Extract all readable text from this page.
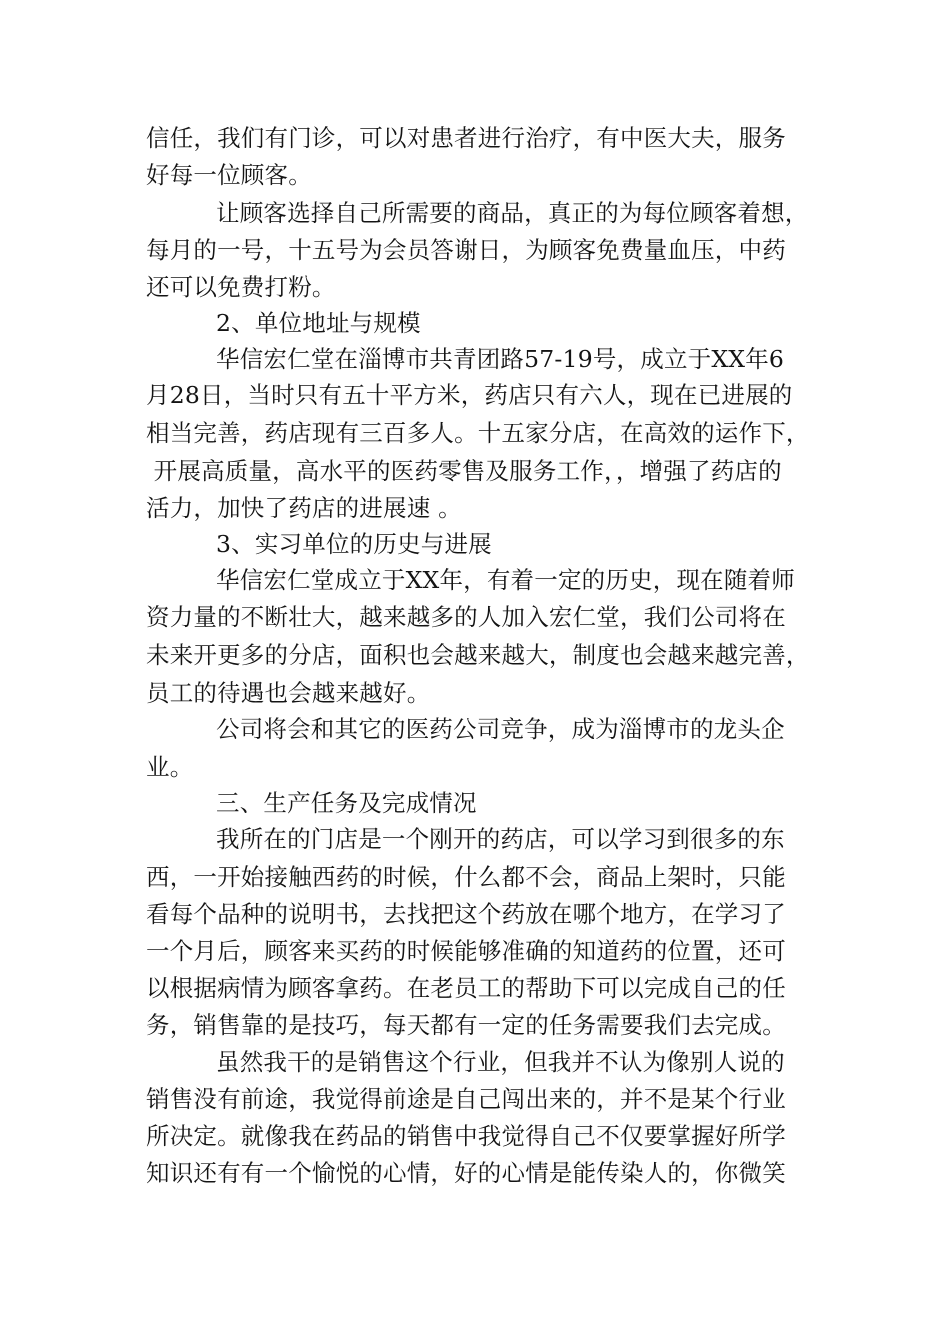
信任，我们有门诊，可以对患者进行治疗，有中医大夫，服务
好每一位顾客。
让顾客选择自己所需要的商品，真正的为每位顾客着想，
每月的一号，十五号为会员答谢日，为顾客免费量血压，中药
还可以免费打粉。
2、单位地址与规模
华信宏仁堂在淄博市共青团路57-19号，成立于XX年6
月28日，当时只有五十平方米，药店只有六人，现在已进展的
相当完善，药店现有三百多人。十五家分店，在高效的运作下，
开展高质量，高水平的医药零售及服务工作，，增强了药店的
活力，加快了药店的进展速 。
3、实习单位的历史与进展
华信宏仁堂成立于XX年，有着一定的历史，现在随着师
资力量的不断壮大，越来越多的人加入宏仁堂，我们公司将在
未来开更多的分店，面积也会越来越大，制度也会越来越完善，
员工的待遇也会越来越好。
公司将会和其它的医药公司竞争，成为淄博市的龙头企
业。
三、生产任务及完成情况
我所在的门店是一个刚开的药店，可以学习到很多的东
西，一开始接触西药的时候，什么都不会，商品上架时，只能
看每个品种的说明书，去找把这个药放在哪个地方，在学习了
一个月后，顾客来买药的时候能够准确的知道药的位置，还可
以根据病情为顾客拿药。在老员工的帮助下可以完成自己的任
务，销售靠的是技巧，每天都有一定的任务需要我们去完成。
虽然我干的是销售这个行业，但我并不认为像别人说的
销售没有前途，我觉得前途是自己闯出来的，并不是某个行业
所决定。就像我在药品的销售中我觉得自己不仅要掌握好所学
知识还有有一个愉悦的心情，好的心情是能传染人的，你微笑
